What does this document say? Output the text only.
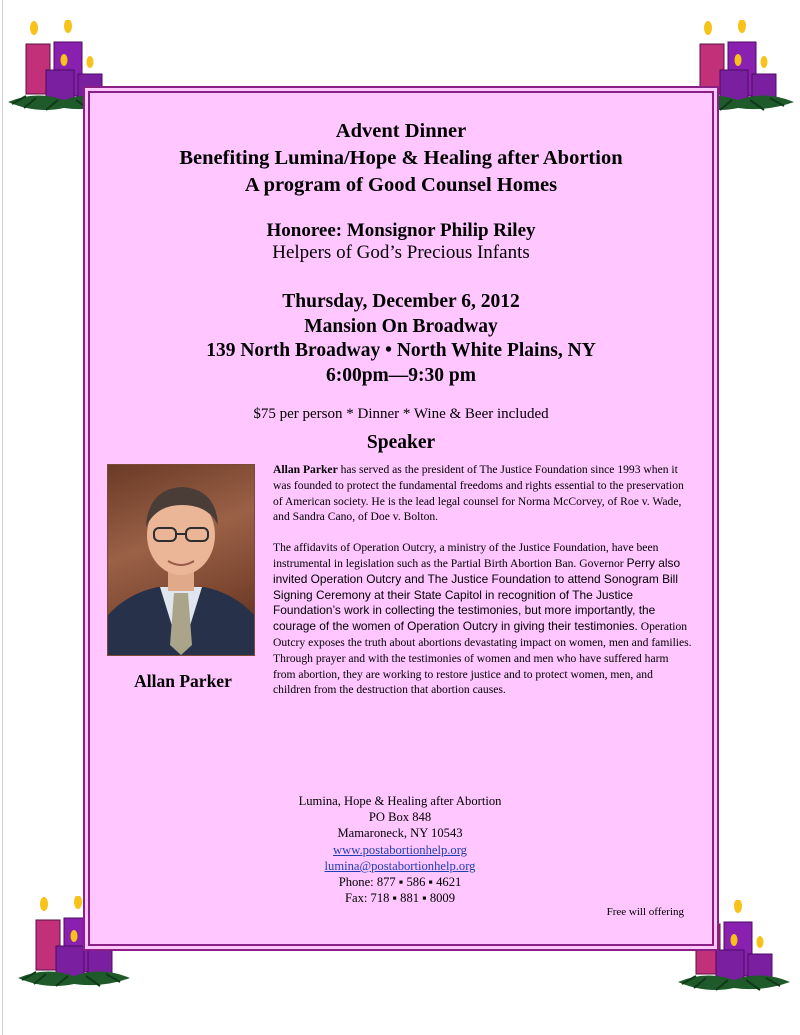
Advent Dinner
Benefiting Lumina/Hope & Healing after Abortion
A program of Good Counsel Homes
Honoree: Monsignor Philip Riley
Helpers of God’s Precious Infants
Thursday, December 6, 2012
Mansion On Broadway
139 North Broadway • North White Plains, NY
6:00pm—9:30 pm
$75 per person * Dinner * Wine & Beer included
Speaker
Allan Parker

Allan Parker has served as the president of The Justice Foundation since 1993 when it was founded to protect the fundamental freedoms and rights essential to the preservation of American society. He is the lead legal counsel for Norma McCorvey, of Roe v. Wade, and Sandra Cano, of Doe v. Bolton.

The affidavits of Operation Outcry, a ministry of the Justice Foundation, have been instrumental in legislation such as the Partial Birth Abortion Ban. Governor Perry also invited Operation Outcry and The Justice Foundation to attend Sonogram Bill Signing Ceremony at their State Capitol in recognition of The Justice Foundation’s work in collecting the testimonies, but more importantly, the courage of the women of Operation Outcry in giving their testimonies. Operation Outcry exposes the truth about abortions devastating impact on women, men and families. Through prayer and with the testimonies of women and men who have suffered harm from abortion, they are working to restore justice and to protect women, men, and children from the destruction that abortion causes.

Lumina, Hope & Healing after Abortion
PO Box 848
Mamaroneck, NY 10543
www.postabortionhelp.org
lumina@postabortionhelp.org
Phone: 877 ▪ 586 ▪ 4621
Fax: 718 ▪ 881 ▪ 8009
Free will offering
